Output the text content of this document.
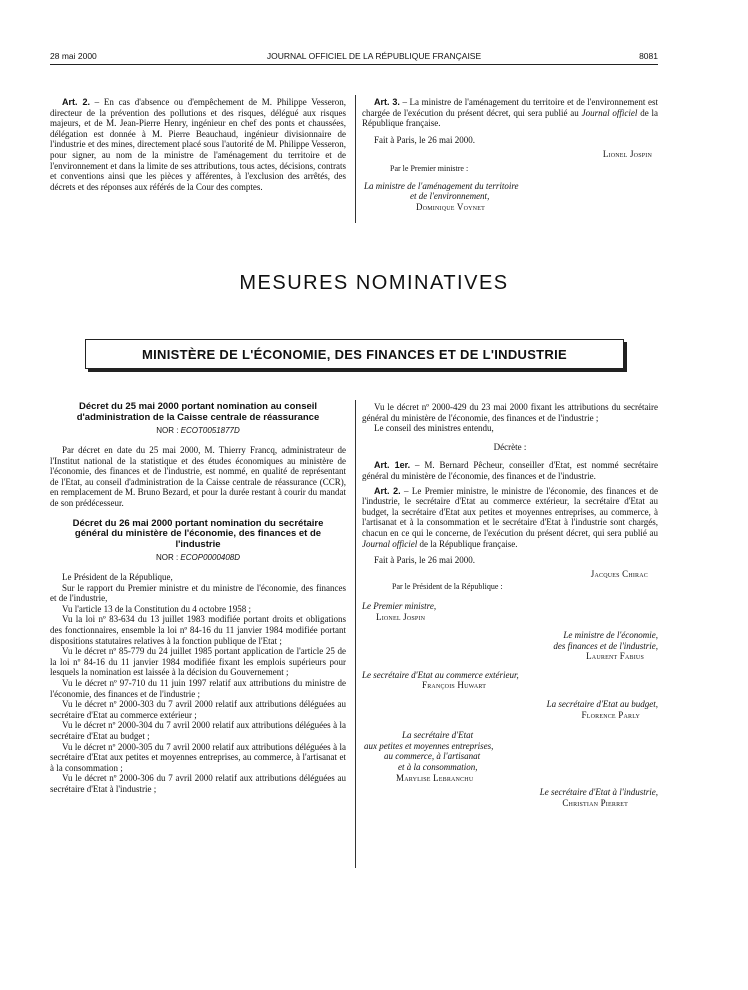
28 mai 2000	JOURNAL OFFICIEL DE LA RÉPUBLIQUE FRANÇAISE	8081

Art. 2. – En cas d'absence ou d'empêchement de M. Philippe Vesseron, directeur de la prévention des pollutions et des risques, délégué aux risques majeurs, et de M. Jean-Pierre Henry, ingénieur en chef des ponts et chaussées, délégation est donnée à M. Pierre Beauchaud, ingénieur divisionnaire de l'industrie et des mines, directement placé sous l'autorité de M. Philippe Vesseron, pour signer, au nom de la ministre de l'aménagement du territoire et de l'environnement et dans la limite de ses attributions, tous actes, décisions, contrats et conventions ainsi que les pièces y afférentes, à l'exclusion des arrêtés, des décrets et des réponses aux référés de la Cour des comptes.

Art. 3. – La ministre de l'aménagement du territoire et de l'environnement est chargée de l'exécution du présent décret, qui sera publié au Journal officiel de la République française.

Fait à Paris, le 26 mai 2000.

Lionel Jospin
Par le Premier ministre :
La ministre de l'aménagement du territoire
et de l'environnement,
Dominique Voynet
MESURES NOMINATIVES
MINISTÈRE DE L'ÉCONOMIE, DES FINANCES ET DE L'INDUSTRIE
Décret du 25 mai 2000 portant nomination au conseil d'administration de la Caisse centrale de réassurance
NOR : ECOT0051877D

Par décret en date du 25 mai 2000, M. Thierry Francq, administrateur de l'Institut national de la statistique et des études économiques au ministère de l'économie, des finances et de l'industrie, est nommé, en qualité de représentant de l'Etat, au conseil d'administration de la Caisse centrale de réassurance (CCR), en remplacement de M. Bruno Bezard, et pour la durée restant à courir du mandat de son prédécesseur.

Décret du 26 mai 2000 portant nomination du secrétaire général du ministère de l'économie, des finances et de l'industrie
NOR : ECOP0000408D

Le Président de la République,

Sur le rapport du Premier ministre et du ministre de l'économie, des finances et de l'industrie,

Vu l'article 13 de la Constitution du 4 octobre 1958 ;

Vu la loi nº 83-634 du 13 juillet 1983 modifiée portant droits et obligations des fonctionnaires, ensemble la loi nº 84-16 du 11 janvier 1984 modifiée portant dispositions statutaires relatives à la fonction publique de l'Etat ;

Vu le décret nº 85-779 du 24 juillet 1985 portant application de l'article 25 de la loi nº 84-16 du 11 janvier 1984 modifiée fixant les emplois supérieurs pour lesquels la nomination est laissée à la décision du Gouvernement ;

Vu le décret nº 97-710 du 11 juin 1997 relatif aux attributions du ministre de l'économie, des finances et de l'industrie ;

Vu le décret nº 2000-303 du 7 avril 2000 relatif aux attributions déléguées au secrétaire d'Etat au commerce extérieur ;

Vu le décret nº 2000-304 du 7 avril 2000 relatif aux attributions déléguées à la secrétaire d'Etat au budget ;

Vu le décret nº 2000-305 du 7 avril 2000 relatif aux attributions déléguées à la secrétaire d'Etat aux petites et moyennes entreprises, au commerce, à l'artisanat et à la consommation ;

Vu le décret nº 2000-306 du 7 avril 2000 relatif aux attributions déléguées au secrétaire d'Etat à l'industrie ;

Vu le décret nº 2000-429 du 23 mai 2000 fixant les attributions du secrétaire général du ministère de l'économie, des finances et de l'industrie ;

Le conseil des ministres entendu,

Décrète :

Art. 1er. – M. Bernard Pêcheur, conseiller d'Etat, est nommé secrétaire général du ministère de l'économie, des finances et de l'industrie.

Art. 2. – Le Premier ministre, le ministre de l'économie, des finances et de l'industrie, le secrétaire d'Etat au commerce extérieur, la secrétaire d'Etat au budget, la secrétaire d'Etat aux petites et moyennes entreprises, au commerce, à l'artisanat et à la consommation et le secrétaire d'Etat à l'industrie sont chargés, chacun en ce qui le concerne, de l'exécution du présent décret, qui sera publié au Journal officiel de la République française.

Fait à Paris, le 26 mai 2000.

Jacques Chirac
Par le Président de la République :
Le Premier ministre,
Lionel Jospin
Le ministre de l'économie,
des finances et de l'industrie,
Laurent Fabius
Le secrétaire d'Etat au commerce extérieur,
François Huwart
La secrétaire d'Etat au budget,
Florence Parly
La secrétaire d'Etat
aux petites et moyennes entreprises,
au commerce, à l'artisanat
et à la consommation,
Marylise Lebranchu
Le secrétaire d'Etat à l'industrie,
Christian Pierret
